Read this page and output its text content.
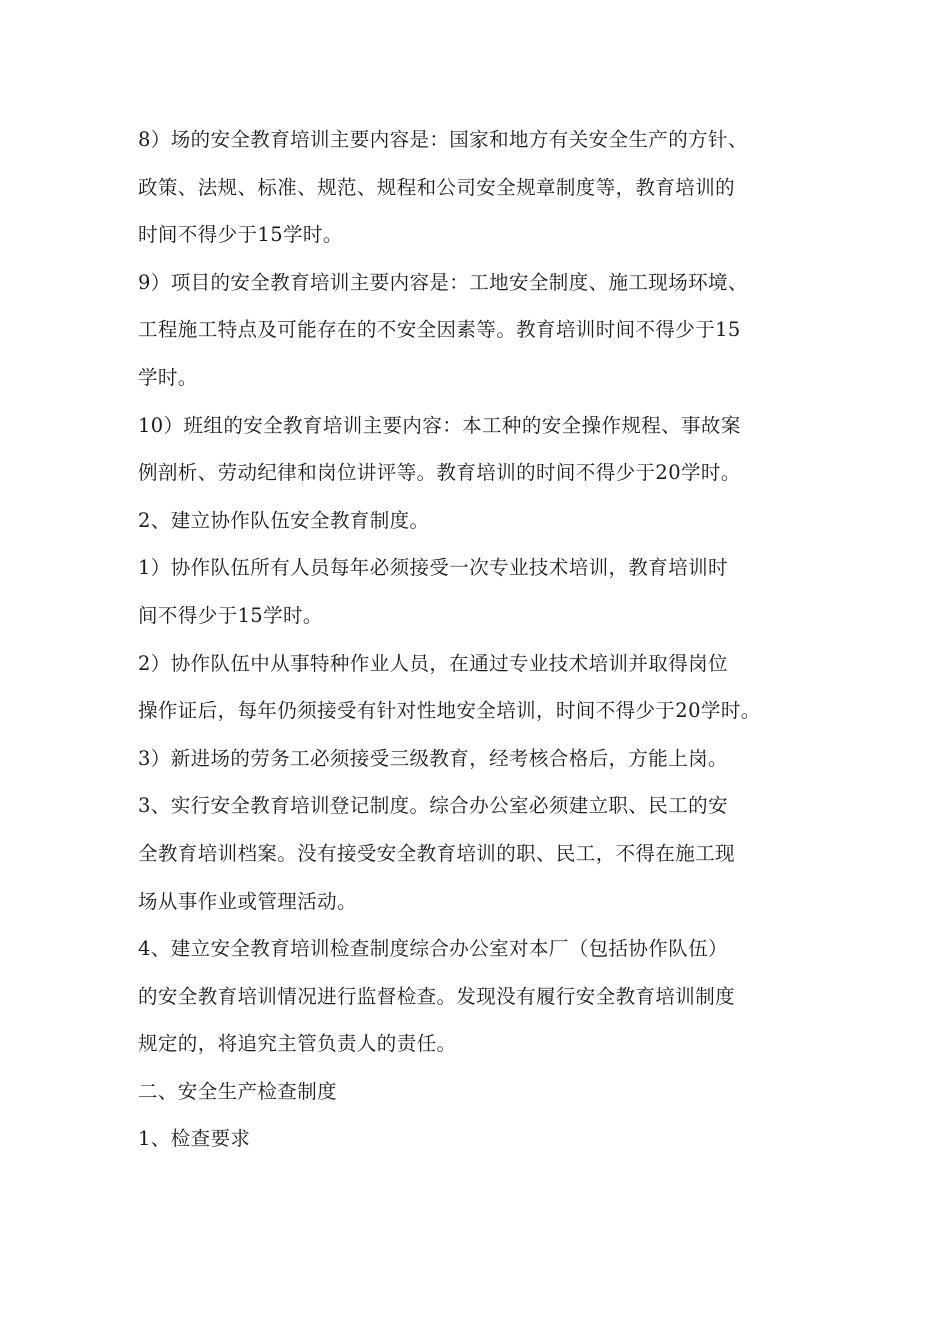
8）场的安全教育培训主要内容是：国家和地方有关安全生产的方针、
政策、法规、标准、规范、规程和公司安全规章制度等，教育培训的
时间不得少于15学时。
9）项目的安全教育培训主要内容是：工地安全制度、施工现场环境、
工程施工特点及可能存在的不安全因素等。教育培训时间不得少于15
学时。
10）班组的安全教育培训主要内容：本工种的安全操作规程、事故案
例剖析、劳动纪律和岗位讲评等。教育培训的时间不得少于20学时。
2、建立协作队伍安全教育制度。
1）协作队伍所有人员每年必须接受一次专业技术培训，教育培训时
间不得少于15学时。
2）协作队伍中从事特种作业人员，在通过专业技术培训并取得岗位
操作证后，每年仍须接受有针对性地安全培训，时间不得少于20学时。
3）新进场的劳务工必须接受三级教育，经考核合格后，方能上岗。
3、实行安全教育培训登记制度。综合办公室必须建立职、民工的安
全教育培训档案。没有接受安全教育培训的职、民工，不得在施工现
场从事作业或管理活动。
4、建立安全教育培训检查制度综合办公室对本厂（包括协作队伍）
的安全教育培训情况进行监督检查。发现没有履行安全教育培训制度
规定的，将追究主管负责人的责任。
二、安全生产检查制度
1、检查要求
